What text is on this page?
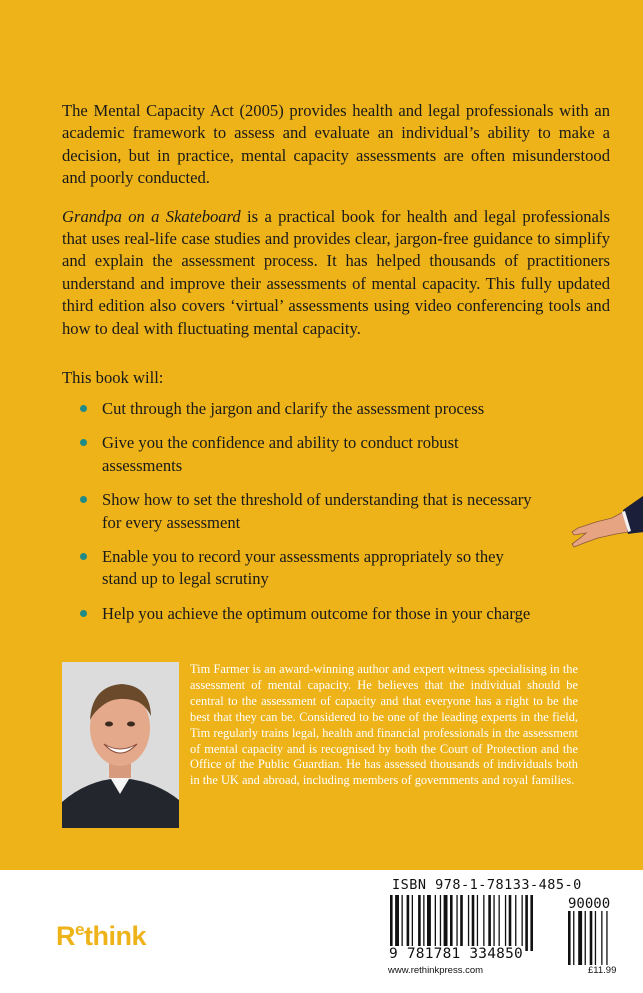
The Mental Capacity Act (2005) provides health and legal professionals with an academic framework to assess and evaluate an individual’s ability to make a decision, but in practice, mental capacity assessments are often misunderstood and poorly conducted.

Grandpa on a Skateboard is a practical book for health and legal professionals that uses real-life case studies and provides clear, jargon-free guidance to simplify and explain the assessment process. It has helped thousands of practitioners understand and improve their assessments of mental capacity. This fully updated third edition also covers ‘virtual’ assessments using video conferencing tools and how to deal with fluctuating mental capacity.

This book will:
Cut through the jargon and clarify the assessment process
Give you the confidence and ability to conduct robust assessments
Show how to set the threshold of understanding that is necessary for every assessment
Enable you to record your assessments appropriately so they stand up to legal scrutiny
Help you achieve the optimum outcome for those in your charge
Tim Farmer is an award-winning author and expert witness specialising in the assessment of mental capacity. He believes that the individual should be central to the assessment of capacity and that everyone has a right to be the best that they can be. Considered to be one of the leading experts in the field, Tim regularly trains legal, health and financial professionals in the assessment of mental capacity and is recognised by both the Court of Protection and the Office of the Public Guardian. He has assessed thousands of individuals both in the UK and abroad, including members of governments and royal families.
$R^ethink$
ISBN 978-1-78133-485-0
90000
9 781781 334850
www.rethinkpress.com	£11.99
